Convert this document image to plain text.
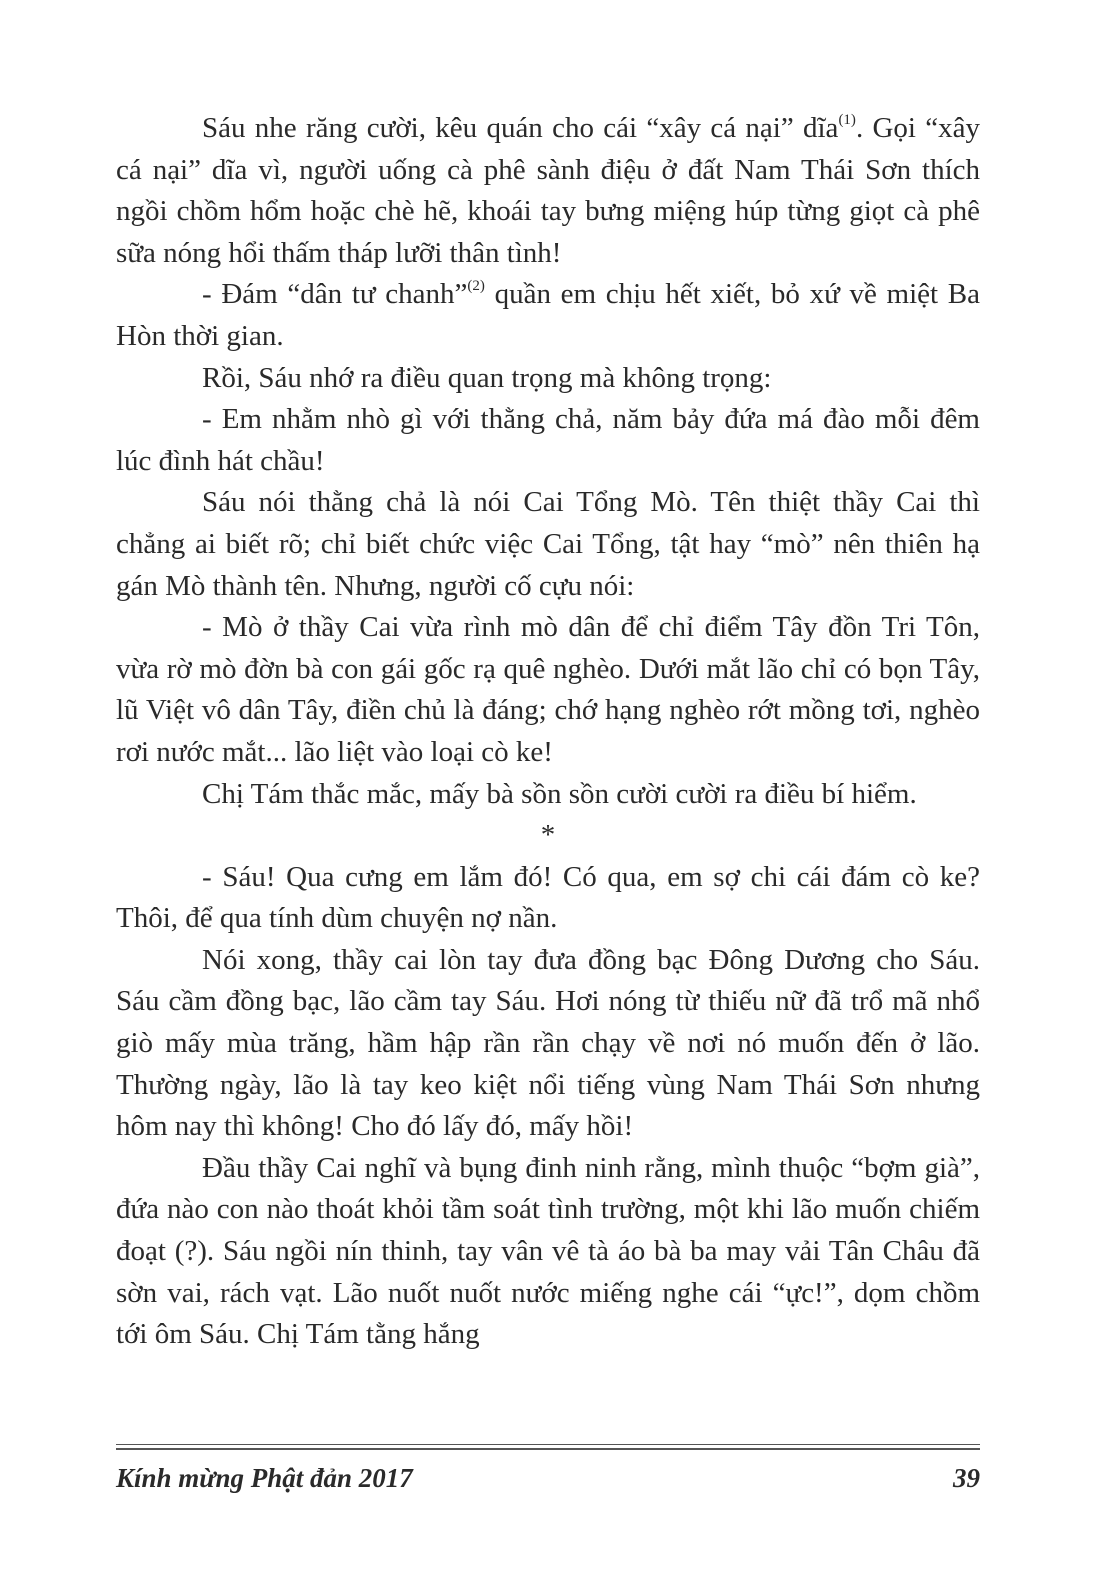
Sáu nhe răng cười, kêu quán cho cái “xây cá nại” dĩa$^{(1)}$. Gọi “xây cá nại” dĩa vì, người uống cà phê sành điệu ở đất Nam Thái Sơn thích ngồi chồm hổm hoặc chè hẽ, khoái tay bưng miệng húp từng giọt cà phê sữa nóng hổi thấm tháp lưỡi thân tình!

- Đám “dân tư chanh”$^{(2)}$ quần em chịu hết xiết, bỏ xứ về miệt Ba Hòn thời gian.

Rồi, Sáu nhớ ra điều quan trọng mà không trọng:

- Em nhằm nhò gì với thằng chả, năm bảy đứa má đào mỗi đêm lúc đình hát chầu!

Sáu nói thằng chả là nói Cai Tổng Mò. Tên thiệt thầy Cai thì chẳng ai biết rõ; chỉ biết chức việc Cai Tổng, tật hay “mò” nên thiên hạ gán Mò thành tên. Nhưng, người cố cựu nói:

- Mò ở thầy Cai vừa rình mò dân để chỉ điểm Tây đồn Tri Tôn, vừa rờ mò đờn bà con gái gốc rạ quê nghèo. Dưới mắt lão chỉ có bọn Tây, lũ Việt vô dân Tây, điền chủ là đáng; chớ hạng nghèo rớt mồng tơi, nghèo rơi nước mắt... lão liệt vào loại cò ke!

Chị Tám thắc mắc, mấy bà sồn sồn cười cười ra điều bí hiểm.

*

- Sáu! Qua cưng em lắm đó! Có qua, em sợ chi cái đám cò ke? Thôi, để qua tính dùm chuyện nợ nần.

Nói xong, thầy cai lòn tay đưa đồng bạc Đông Dương cho Sáu. Sáu cầm đồng bạc, lão cầm tay Sáu. Hơi nóng từ thiếu nữ đã trổ mã nhổ giò mấy mùa trăng, hầm hập rần rần chạy về nơi nó muốn đến ở lão. Thường ngày, lão là tay keo kiệt nổi tiếng vùng Nam Thái Sơn nhưng hôm nay thì không! Cho đó lấy đó, mấy hồi!

Đầu thầy Cai nghĩ và bụng đinh ninh rằng, mình thuộc “bợm già”, đứa nào con nào thoát khỏi tầm soát tình trường, một khi lão muốn chiếm đoạt (?). Sáu ngồi nín thinh, tay vân vê tà áo bà ba may vải Tân Châu đã sờn vai, rách vạt. Lão nuốt nuốt nước miếng nghe cái “ực!”, dọm chồm tới ôm Sáu. Chị Tám tằng hắng

Kính mừng Phật đản 2017	39
